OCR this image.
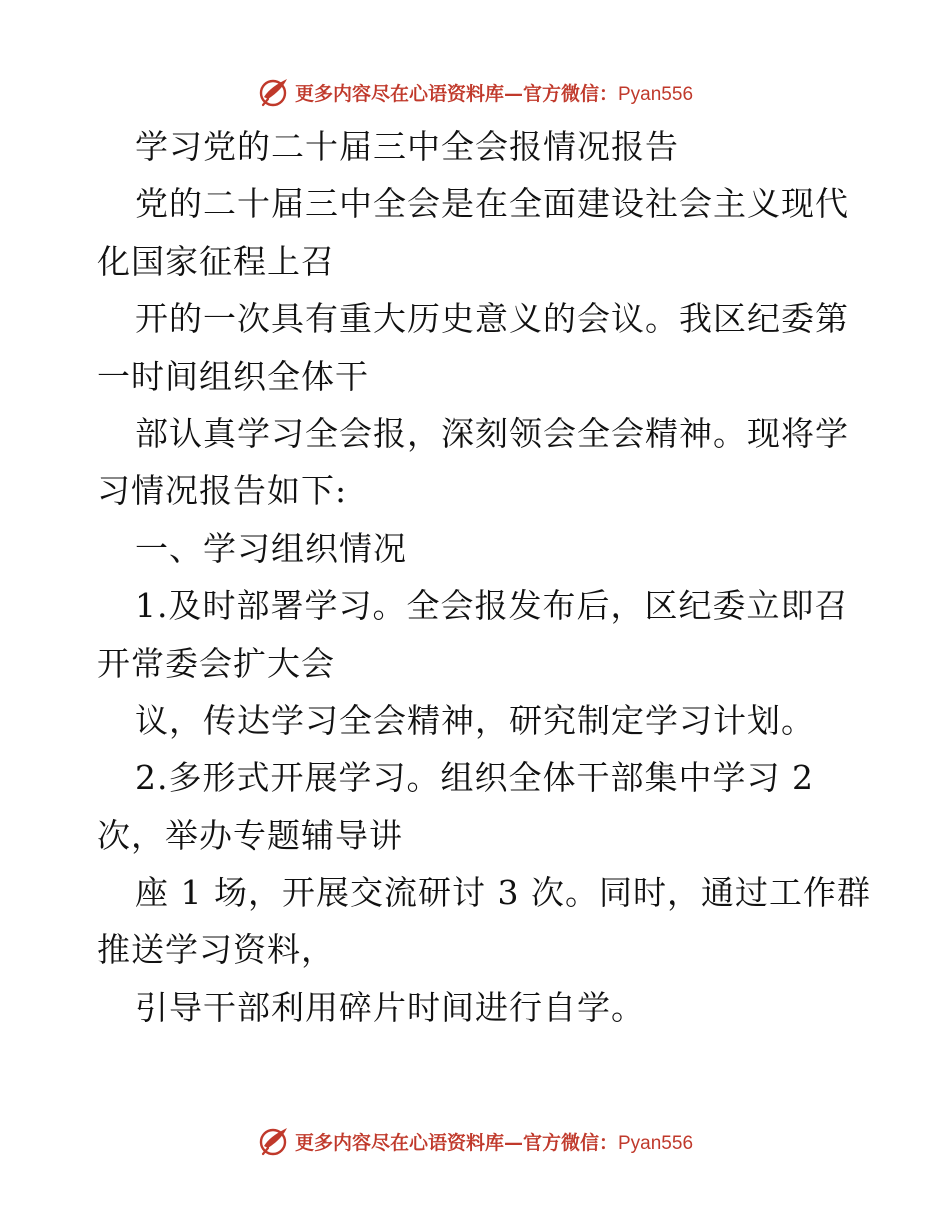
更多内容尽在心语资料库—官方微信：Pyan556
学习党的二十届三中全会报情况报告
党的二十届三中全会是在全面建设社会主义现代
化国家征程上召
开的一次具有重大历史意义的会议。我区纪委第
一时间组织全体干
部认真学习全会报，深刻领会全会精神。现将学
习情况报告如下:
一、学习组织情况
1.及时部署学习。全会报发布后，区纪委立即召
开常委会扩大会
议，传达学习全会精神，研究制定学习计划。
2.多形式开展学习。组织全体干部集中学习 2
次，举办专题辅导讲
座 1 场，开展交流研讨 3 次。同时，通过工作群
推送学习资料，
引导干部利用碎片时间进行自学。
更多内容尽在心语资料库—官方微信：Pyan556
